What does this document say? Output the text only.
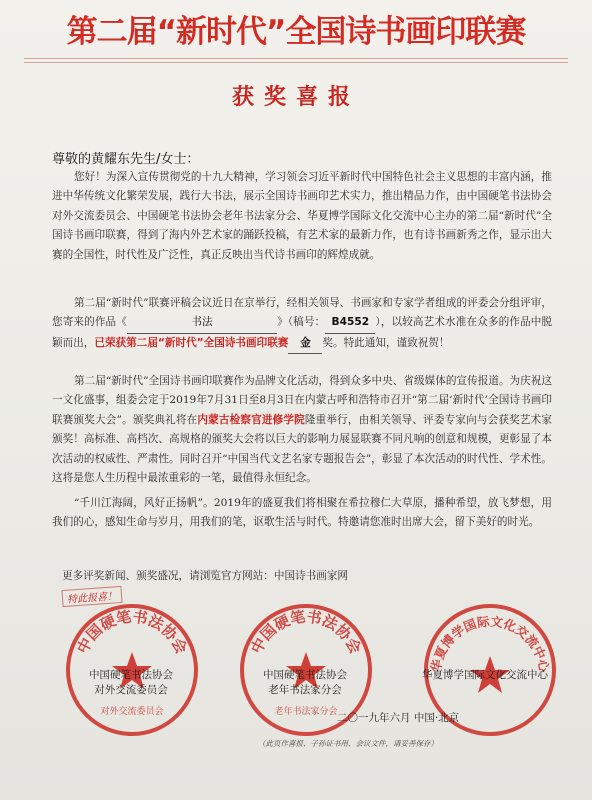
第二届“新时代”全国诗书画印联赛
获奖喜报
尊敬的黄耀东先生/女士：
您好！为深入宣传贯彻党的十九大精神，学习领会习近平新时代中国特色社会主义思想的丰富内涵，推进中华传统文化繁荣发展，践行大书法，展示全国诗书画印艺术实力，推出精品力作，由中国硬笔书法协会对外交流委员会、中国硬笔书法协会老年书法家分会、华夏博学国际文化交流中心主办的第二届“新时代”全国诗书画印联赛，得到了海内外艺术家的踊跃投稿，有艺术家的最新力作，也有诗书画新秀之作，显示出大赛的全国性，时代性及广泛性，真正反映出当代诗书画印的辉煌成就。
第二届“新时代”联赛评稿会议近日在京举行，经相关领导、书画家和专家学者组成的评委会分组评审，您寄来的作品《	书法	》（稿号： B4552 ），以较高艺术水准在众多的作品中脱颖而出，已荣获第二届“新时代”全国诗书画印联赛 金 奖。特此通知，谨致祝贺！
第二届“新时代”全国诗书画印联赛作为品牌文化活动，得到众多中央、省级媒体的宣传报道。为庆祝这一文化盛事，组委会定于2019年7月31日至8月3日在内蒙古呼和浩特市召开“第二届‘新时代’全国诗书画印联赛颁奖大会”。颁奖典礼将在内蒙古检察官进修学院隆重举行，由相关领导、评委专家向与会获奖艺术家颁奖！高标准、高档次、高规格的颁奖大会将以巨大的影响力展显联赛不同凡响的创意和规模，更彰显了本次活动的权威性、严肃性。同时召开“中国当代文艺名家专题报告会”，彰显了本次活动的时代性、学术性。这将是您人生历程中最浓重彩的一笔，最值得永恒纪念。
“千川江海阔，风好正扬帆”。2019年的盛夏我们将相聚在希拉穆仁大草原，播种希望，放飞梦想，用我们的心，感知生命与岁月，用我们的笔，讴歌生活与时代。特邀请您准时出席大会，留下美好的时光。
更多评奖新闻、颁奖盛况，请浏览官方网站：中国诗书画家网
特此报喜！
中国硬笔书法协会
对外交流委员会
中国硬笔书法协会
老年书法家分会
华夏博学国际文化交流中心
中国硬笔书法协会
对外交流委员会
中国硬笔书法协会
老年书法家分会
华夏博学国际文化交流中心
二〇一九年六月 中国·北京
（此页作喜报、子孙证书用、会议文件，请妥善保存）
